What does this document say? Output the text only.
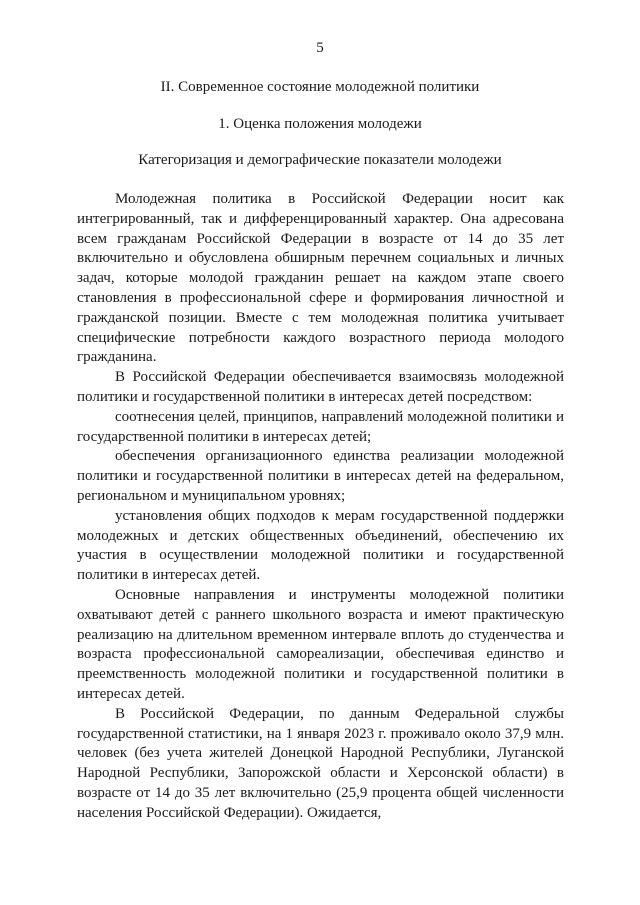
5
II. Современное состояние молодежной политики
1. Оценка положения молодежи
Категоризация и демографические показатели молодежи

Молодежная политика в Российской Федерации носит как интегрированный, так и дифференцированный характер. Она адресована всем гражданам Российской Федерации в возрасте от 14 до 35 лет включительно и обусловлена обширным перечнем социальных и личных задач, которые молодой гражданин решает на каждом этапе своего становления в профессиональной сфере и формирования личностной и гражданской позиции. Вместе с тем молодежная политика учитывает специфические потребности каждого возрастного периода молодого гражданина.

В Российской Федерации обеспечивается взаимосвязь молодежной политики и государственной политики в интересах детей посредством:

соотнесения целей, принципов, направлений молодежной политики и государственной политики в интересах детей;

обеспечения организационного единства реализации молодежной политики и государственной политики в интересах детей на федеральном, региональном и муниципальном уровнях;

установления общих подходов к мерам государственной поддержки молодежных и детских общественных объединений, обеспечению их участия в осуществлении молодежной политики и государственной политики в интересах детей.

Основные направления и инструменты молодежной политики охватывают детей с раннего школьного возраста и имеют практическую реализацию на длительном временном интервале вплоть до студенчества и возраста профессиональной самореализации, обеспечивая единство и преемственность молодежной политики и государственной политики в интересах детей.

В Российской Федерации, по данным Федеральной службы государственной статистики, на 1 января 2023 г. проживало около 37,9 млн. человек (без учета жителей Донецкой Народной Республики, Луганской Народной Республики, Запорожской области и Херсонской области) в возрасте от 14 до 35 лет включительно (25,9 процента общей численности населения Российской Федерации). Ожидается,
